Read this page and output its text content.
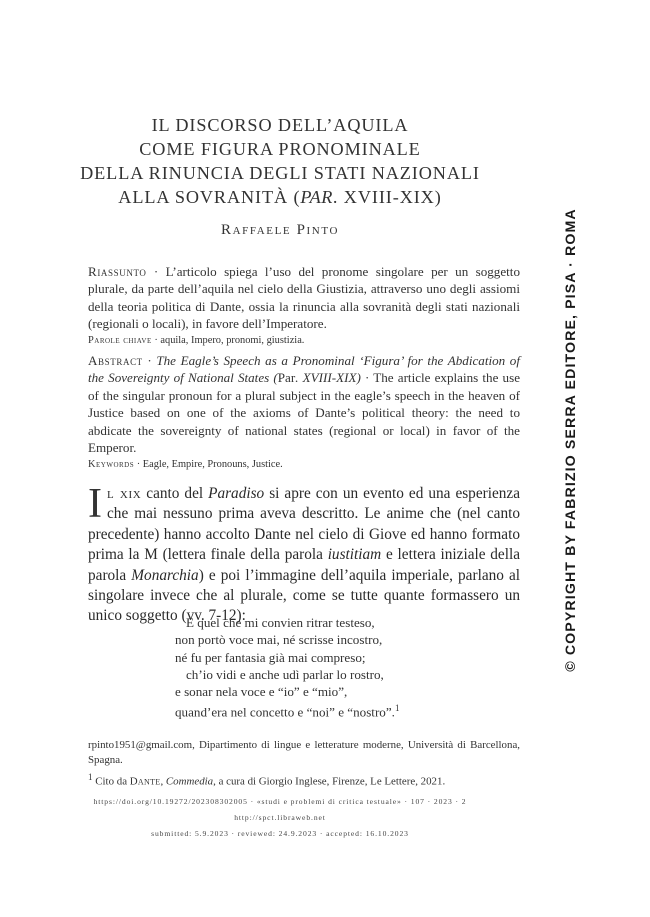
IL DISCORSO DELL’AQUILA
COME FIGURA PRONOMINALE
DELLA RINUNCIA DEGLI STATI NAZIONALI
ALLA SOVRANITÀ (PAR. XVIII-XIX)
Raffaele Pinto
Riassunto · L’articolo spiega l’uso del pronome singolare per un soggetto plurale, da parte dell’aquila nel cielo della Giustizia, attraverso uno degli assiomi della teoria politica di Dante, ossia la rinuncia alla sovranità degli stati nazionali (regionali o locali), in favore dell’Imperatore.
Parole chiave · aquila, Impero, pronomi, giustizia.
Abstract · The Eagle’s Speech as a Pronominal ‘Figura’ for the Abdication of the Sovereignty of National States (Par. XVIII-XIX) · The article explains the use of the singular pronoun for a plural subject in the eagle’s speech in the heaven of Justice based on one of the axioms of Dante’s political theory: the need to abdicate the sovereignty of national states (regional or local) in favor of the Emperor.
Keywords · Eagle, Empire, Pronouns, Justice.
Il xix canto del Paradiso si apre con un evento ed una esperienza che mai nessuno prima aveva descritto. Le anime che (nel canto precedente) hanno accolto Dante nel cielo di Giove ed hanno formato prima la M (lettera finale della parola iustitiam e lettera iniziale della parola Monarchia) e poi l’immagine dell’aquila imperiale, parlano al singolare invece che al plurale, come se tutte quante formassero un unico soggetto (vv. 7-12):
E quel che mi convien ritrar testeso,
non portò voce mai, né scrisse incostro,
né fu per fantasia già mai compreso;
ch’io vidi e anche udì parlar lo rostro,
e sonar nela voce e “io” e “mio”,
quand’era nel concetto e “noi” e “nostro”.$^1$
rpinto1951@gmail.com, Dipartimento di lingue e letterature moderne, Università di Barcellona, Spagna.
$^1$ Cito da Dante, Commedia, a cura di Giorgio Inglese, Firenze, Le Lettere, 2021.
https://doi.org/10.19272/202308302005 · «studi e problemi di critica testuale» · 107 · 2023 · 2
http://spct.libraweb.net
submitted: 5.9.2023 · reviewed: 24.9.2023 · accepted: 16.10.2023
© COPYRIGHT BY FABRIZIO SERRA EDITORE, PISA · ROMA
